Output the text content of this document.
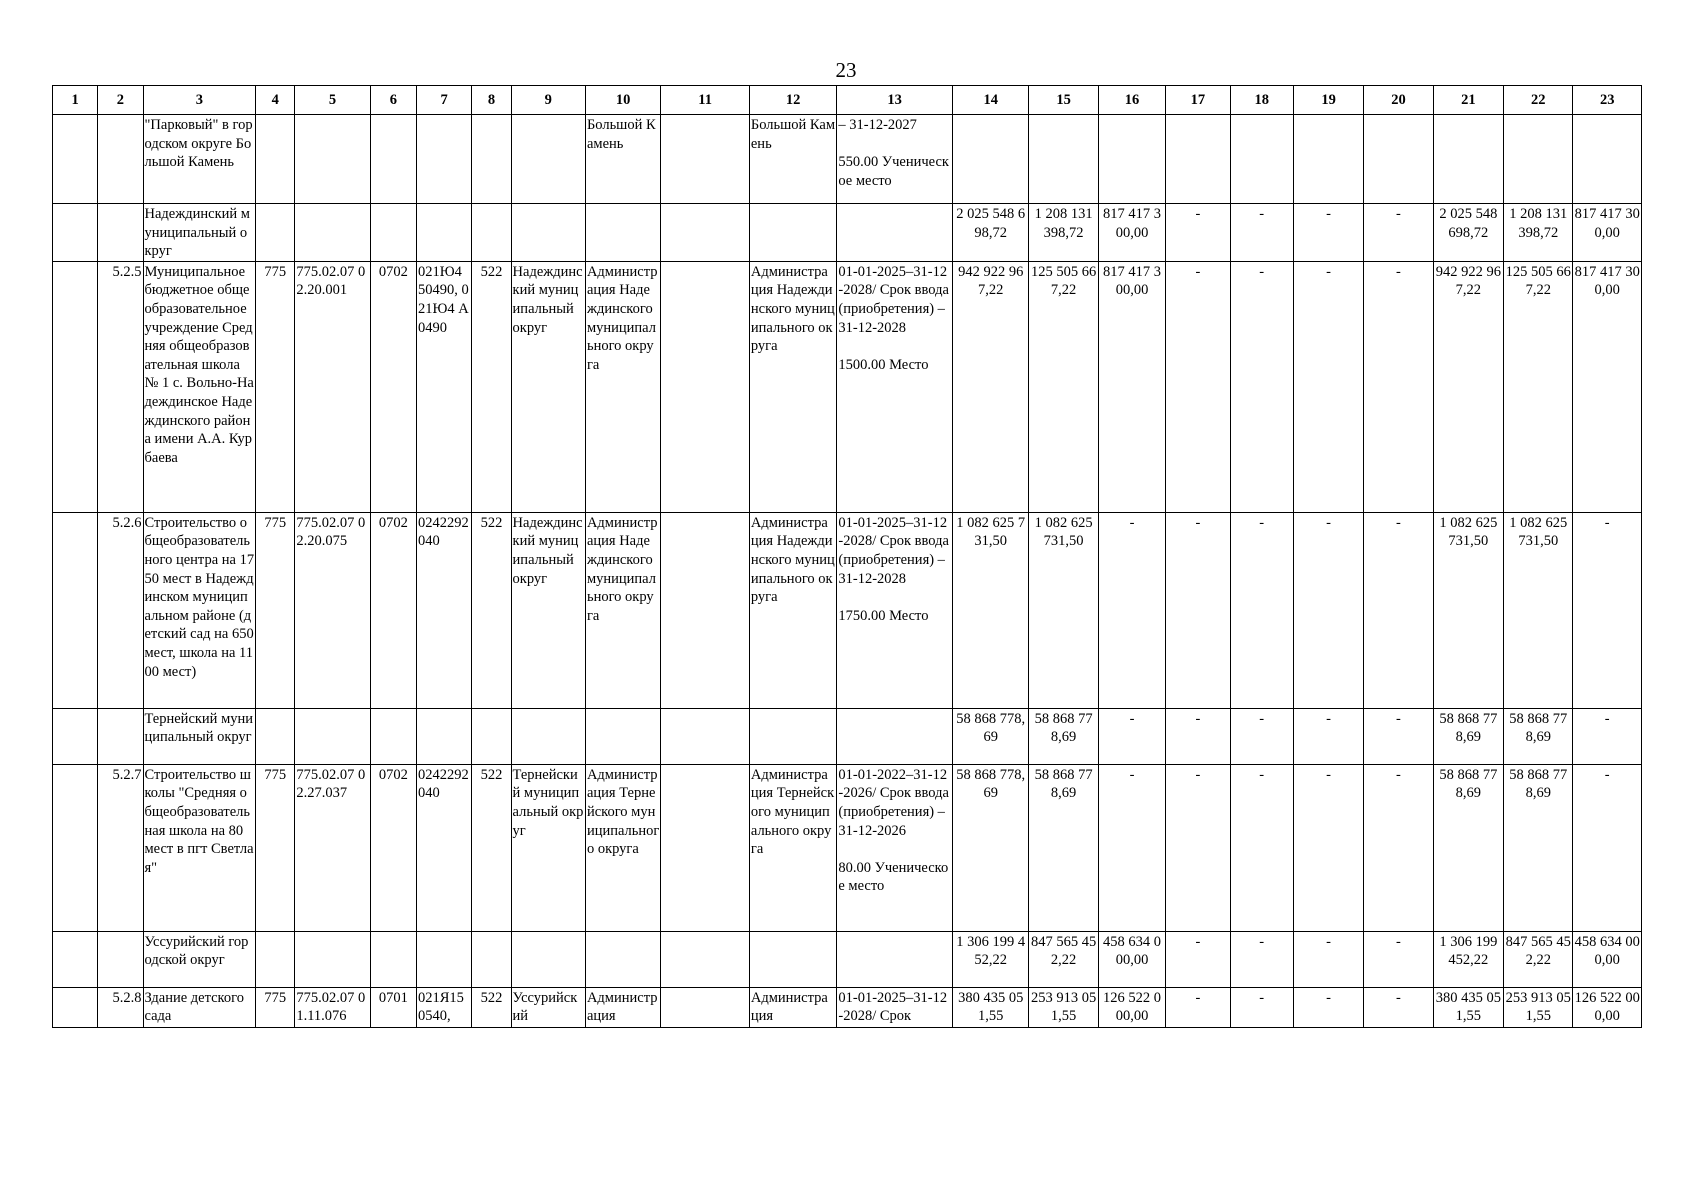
23
1	2	3	4	5	6	7	8	9	10	11	12	13	14	15	16	17	18	19	20	21	22	23
		"Парковый" в городском округе Большой Камень							Большой Камень		Большой Камень	– 31-12-2027

550.00 Ученическое место										
		Надеждинский муниципальный округ											2 025 548 698,72	1 208 131 398,72	817 417 300,00	-	-	-	-	2 025 548 698,72	1 208 131 398,72	817 417 300,00
	5.2.5	Муниципальное бюджетное общеобразовательное учреждение Средняя общеобразовательная школа № 1 с. Вольно-Надеждинское Надеждинского района имени А.А. Курбаева	775	775.02.07 02.20.001	0702	021Ю4 50490, 021Ю4 А0490	522	Надеждинский муниципальный округ	Администрация Надеждинского муниципального округа		Администрация Надеждинского муниципального округа	01-01-2025–31-12-2028/ Срок ввода (приобретения) – 31-12-2028

1500.00 Место	942 922 967,22	125 505 667,22	817 417 300,00	-	-	-	-	942 922 967,22	125 505 667,22	817 417 300,00
	5.2.6	Строительство общеобразовательного центра на 1750 мест в Надеждинском муниципальном районе (детский сад на 650 мест, школа на 1100 мест)	775	775.02.07 02.20.075	0702	0242292040	522	Надеждинский муниципальный округ	Администрация Надеждинского муниципального округа		Администрация Надеждинского муниципального округа	01-01-2025–31-12-2028/ Срок ввода (приобретения) – 31-12-2028

1750.00 Место	1 082 625 731,50	1 082 625 731,50	-	-	-	-	-	1 082 625 731,50	1 082 625 731,50	-
		Тернейский муниципальный округ											58 868 778,69	58 868 778,69	-	-	-	-	-	58 868 778,69	58 868 778,69	-
	5.2.7	Строительство школы "Средняя общеобразовательная школа на 80 мест в пгт Светлая"	775	775.02.07 02.27.037	0702	0242292040	522	Тернейский муниципальный округ	Администрация Тернейского муниципального округа		Администрация Тернейского муниципального округа	01-01-2022–31-12-2026/ Срок ввода (приобретения) – 31-12-2026

80.00 Ученическое место	58 868 778,69	58 868 778,69	-	-	-	-	-	58 868 778,69	58 868 778,69	-
		Уссурийский городской округ											1 306 199 452,22	847 565 452,22	458 634 000,00	-	-	-	-	1 306 199 452,22	847 565 452,22	458 634 000,00
	5.2.8	Здание детского сада	775	775.02.07 01.11.076	0701	021Я15 0540,	522	Уссурийский	Администрация		Администрация	01-01-2025–31-12-2028/ Срок	380 435 051,55	253 913 051,55	126 522 000,00	-	-	-	-	380 435 051,55	253 913 051,55	126 522 000,00
